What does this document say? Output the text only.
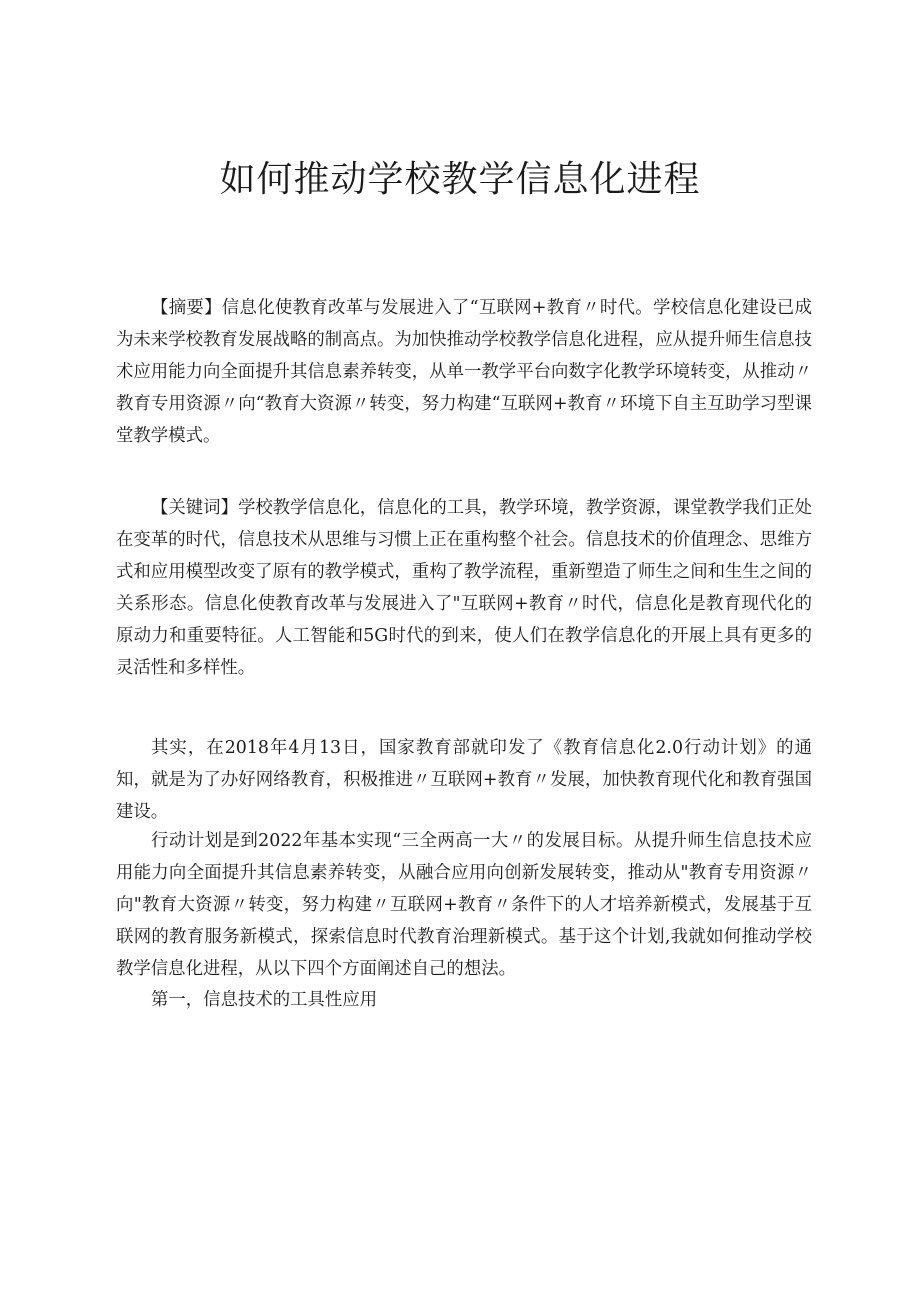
如何推动学校教学信息化进程

【摘要】信息化使教育改革与发展进入了“互联网+教育〃时代。学校信息化建设已成为未来学校教育发展战略的制高点。为加快推动学校教学信息化进程，应从提升师生信息技术应用能力向全面提升其信息素养转变，从单一教学平台向数字化教学环境转变，从推动〃教育专用资源〃向“教育大资源〃转变，努力构建“互联网+教育〃环境下自主互助学习型课堂教学模式。

【关键词】学校教学信息化，信息化的工具，教学环境，教学资源，课堂教学我们正处在变革的时代，信息技术从思维与习惯上正在重构整个社会。信息技术的价值理念、思维方式和应用模型改变了原有的教学模式，重构了教学流程，重新塑造了师生之间和生生之间的关系形态。信息化使教育改革与发展进入了"互联网+教育〃时代，信息化是教育现代化的原动力和重要特征。人工智能和5G时代的到来，使人们在教学信息化的开展上具有更多的灵活性和多样性。

其实，在2018年4月13日，国家教育部就印发了《教育信息化2.0行动计划》的通知，就是为了办好网络教育，积极推进〃互联网+教育〃发展，加快教育现代化和教育强国建设。

行动计划是到2022年基本实现“三全两高一大〃的发展目标。从提升师生信息技术应用能力向全面提升其信息素养转变，从融合应用向创新发展转变，推动从"教育专用资源〃向"教育大资源〃转变，努力构建〃互联网+教育〃条件下的人才培养新模式，发展基于互联网的教育服务新模式，探索信息时代教育治理新模式。基于这个计划,我就如何推动学校教学信息化进程，从以下四个方面阐述自己的想法。

第一，信息技术的工具性应用
